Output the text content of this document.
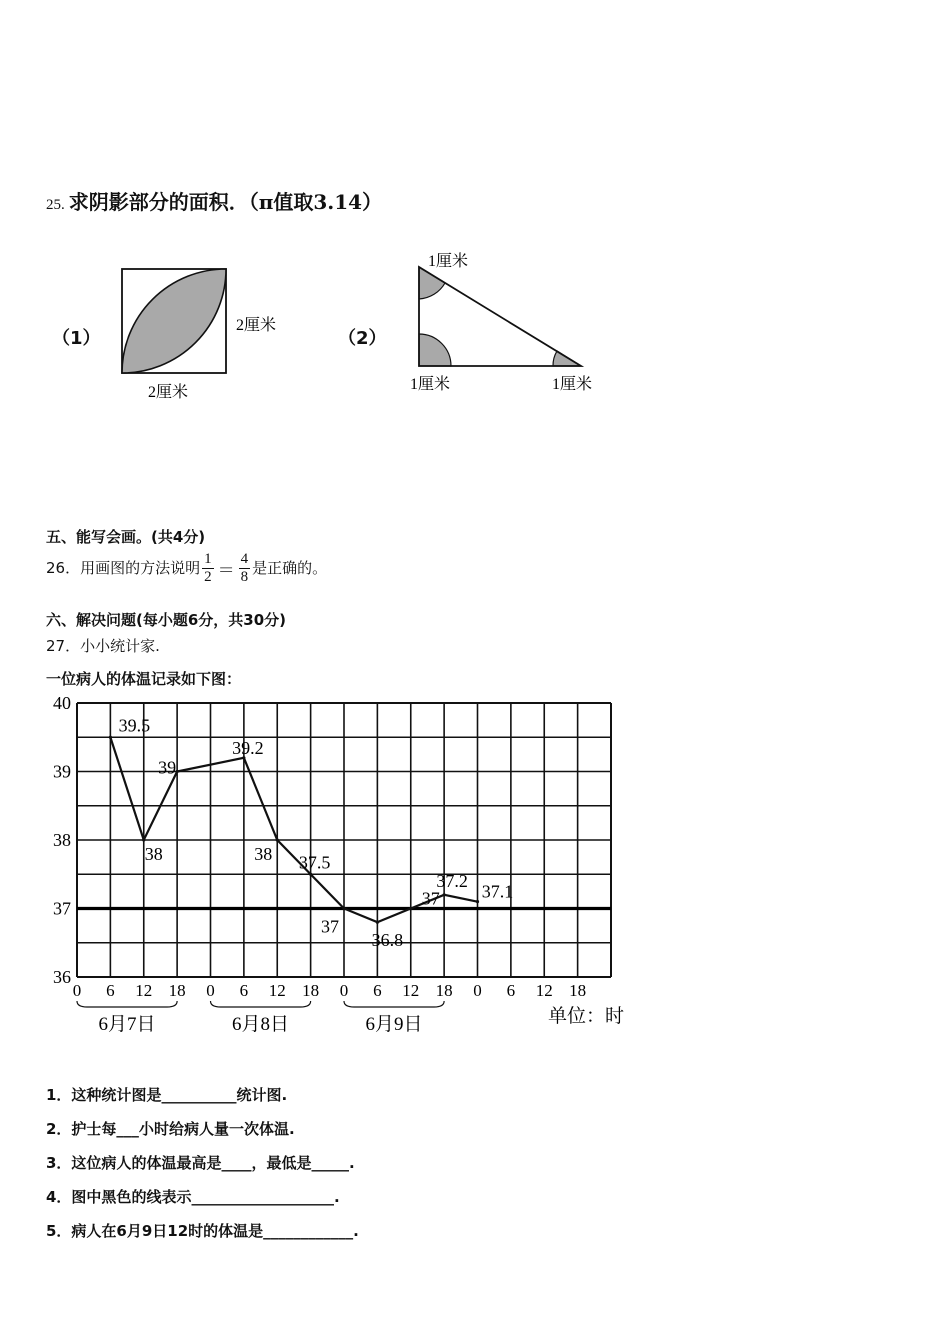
25. 求阴影部分的面积．（π值取3.14）
（1）	（2）
2厘米
2厘米
1厘米
1厘米	1厘米
五、能写会画。(共4分)
26．用画图的方法说明 $\frac{1}{2} = \frac{4}{8}$ 是正确的。
六、解决问题(每小题6分，共30分)
27．小小统计家.
一位病人的体温记录如下图：
36
37
38
39
40
0 6 12 18 0 6 12 18 0 6 12 18 0 6 12 18
6月7日	6月8日	6月9日	单位：时
39.5
38
39
39.2
38 37.5
37
36.8
37
37.2
37.1
1．这种统计图是__________统计图.
2．护士每___小时给病人量一次体温.
3．这位病人的体温最高是____，最低是_____.
4．图中黑色的线表示___________________.
5．病人在6月9日12时的体温是____________.
